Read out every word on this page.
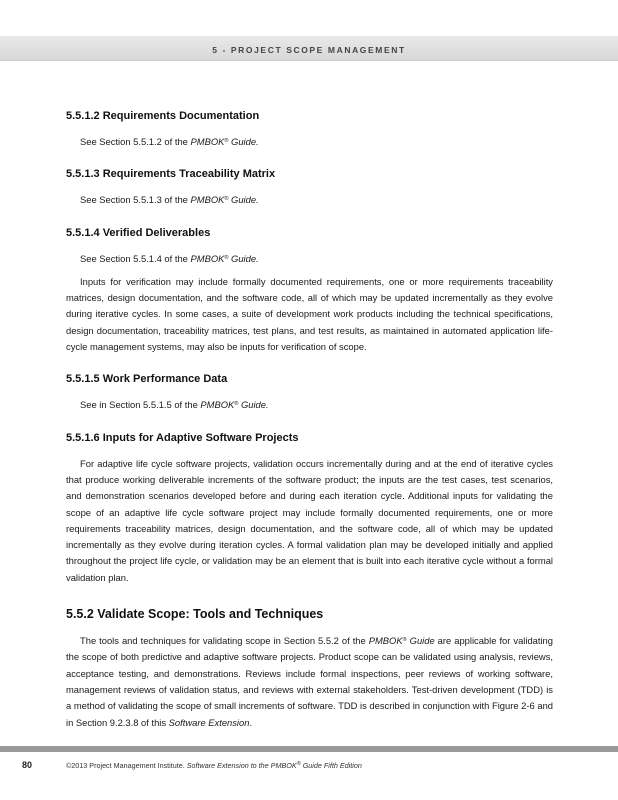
5 - PROJECT SCOPE MANAGEMENT
5.5.1.2 Requirements Documentation

See Section 5.5.1.2 of the PMBOK® Guide.

5.5.1.3 Requirements Traceability Matrix

See Section 5.5.1.3 of the PMBOK® Guide.

5.5.1.4 Verified Deliverables

See Section 5.5.1.4 of the PMBOK® Guide.

Inputs for verification may include formally documented requirements, one or more requirements traceability matrices, design documentation, and the software code, all of which may be updated incrementally as they evolve during iterative cycles. In some cases, a suite of development work products including the technical specifications, design documentation, traceability matrices, test plans, and test results, as maintained in automated application life-cycle management systems, may also be inputs for verification of scope.

5.5.1.5 Work Performance Data

See in Section 5.5.1.5 of the PMBOK® Guide.

5.5.1.6 Inputs for Adaptive Software Projects

For adaptive life cycle software projects, validation occurs incrementally during and at the end of iterative cycles that produce working deliverable increments of the software product; the inputs are the test cases, test scenarios, and demonstration scenarios developed before and during each iteration cycle. Additional inputs for validating the scope of an adaptive life cycle software project may include formally documented requirements, one or more requirements traceability matrices, design documentation, and the software code, all of which may be updated incrementally as they evolve during iteration cycles. A formal validation plan may be developed initially and applied throughout the project life cycle, or validation may be an element that is built into each iterative cycle without a formal validation plan.

5.5.2 Validate Scope: Tools and Techniques

The tools and techniques for validating scope in Section 5.5.2 of the PMBOK® Guide are applicable for validating the scope of both predictive and adaptive software projects. Product scope can be validated using analysis, reviews, acceptance testing, and demonstrations. Reviews include formal inspections, peer reviews of working software, management reviews of validation status, and reviews with external stakeholders. Test-driven development (TDD) is a method of validating the scope of small increments of software. TDD is described in conjunction with Figure 2-6 and in Section 9.2.3.8 of this Software Extension.

80	©2013 Project Management Institute. Software Extension to the PMBOK® Guide Fifth Edition
